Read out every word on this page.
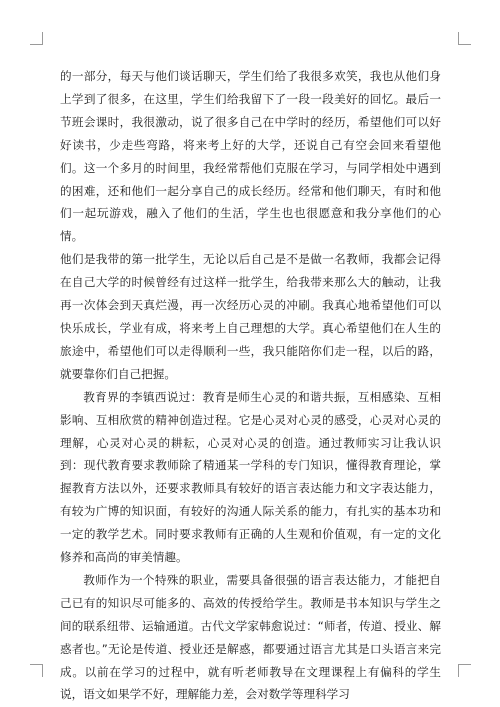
的一部分，每天与他们谈话聊天，学生们给了我很多欢笑，我也从他们身上学到了很多，在这里，学生们给我留下了一段一段美好的回忆。最后一节班会课时，我很激动，说了很多自己在中学时的经历，希望他们可以好好读书，少走些弯路，将来考上好的大学，还说自己有空会回来看望他们。这一个多月的时间里，我经常帮他们克服在学习，与同学相处中遇到的困难，还和他们一起分享自己的成长经历。经常和他们聊天，有时和他们一起玩游戏，融入了他们的生活，学生也也很愿意和我分享他们的心情。

他们是我带的第一批学生，无论以后自己是不是做一名教师，我都会记得在自己大学的时候曾经有过这样一批学生，给我带来那么大的触动，让我再一次体会到天真烂漫，再一次经历心灵的冲刷。我真心地希望他们可以快乐成长，学业有成，将来考上自己理想的大学。真心希望他们在人生的旅途中，希望他们可以走得顺利一些，我只能陪你们走一程，以后的路，就要靠你们自己把握。

教育界的李镇西说过：教育是师生心灵的和谐共振，互相感染、互相影响、互相欣赏的精神创造过程。它是心灵对心灵的感受，心灵对心灵的理解，心灵对心灵的耕耘，心灵对心灵的创造。通过教师实习让我认识到：现代教育要求教师除了精通某一学科的专门知识，懂得教育理论，掌握教育方法以外，还要求教师具有较好的语言表达能力和文字表达能力，有较为广博的知识面，有较好的沟通人际关系的能力，有扎实的基本功和一定的教学艺术。同时要求教师有正确的人生观和价值观，有一定的文化修养和高尚的审美情趣。

教师作为一个特殊的职业，需要具备很强的语言表达能力，才能把自己已有的知识尽可能多的、高效的传授给学生。教师是书本知识与学生之间的联系纽带、运输通道。古代文学家韩愈说过：“师者，传道、授业、解惑者也。”无论是传道、授业还是解惑，都要通过语言尤其是口头语言来完成。以前在学习的过程中，就有听老师教导在文理课程上有偏科的学生说，语文如果学不好，理解能力差，会对数学等理科学习
